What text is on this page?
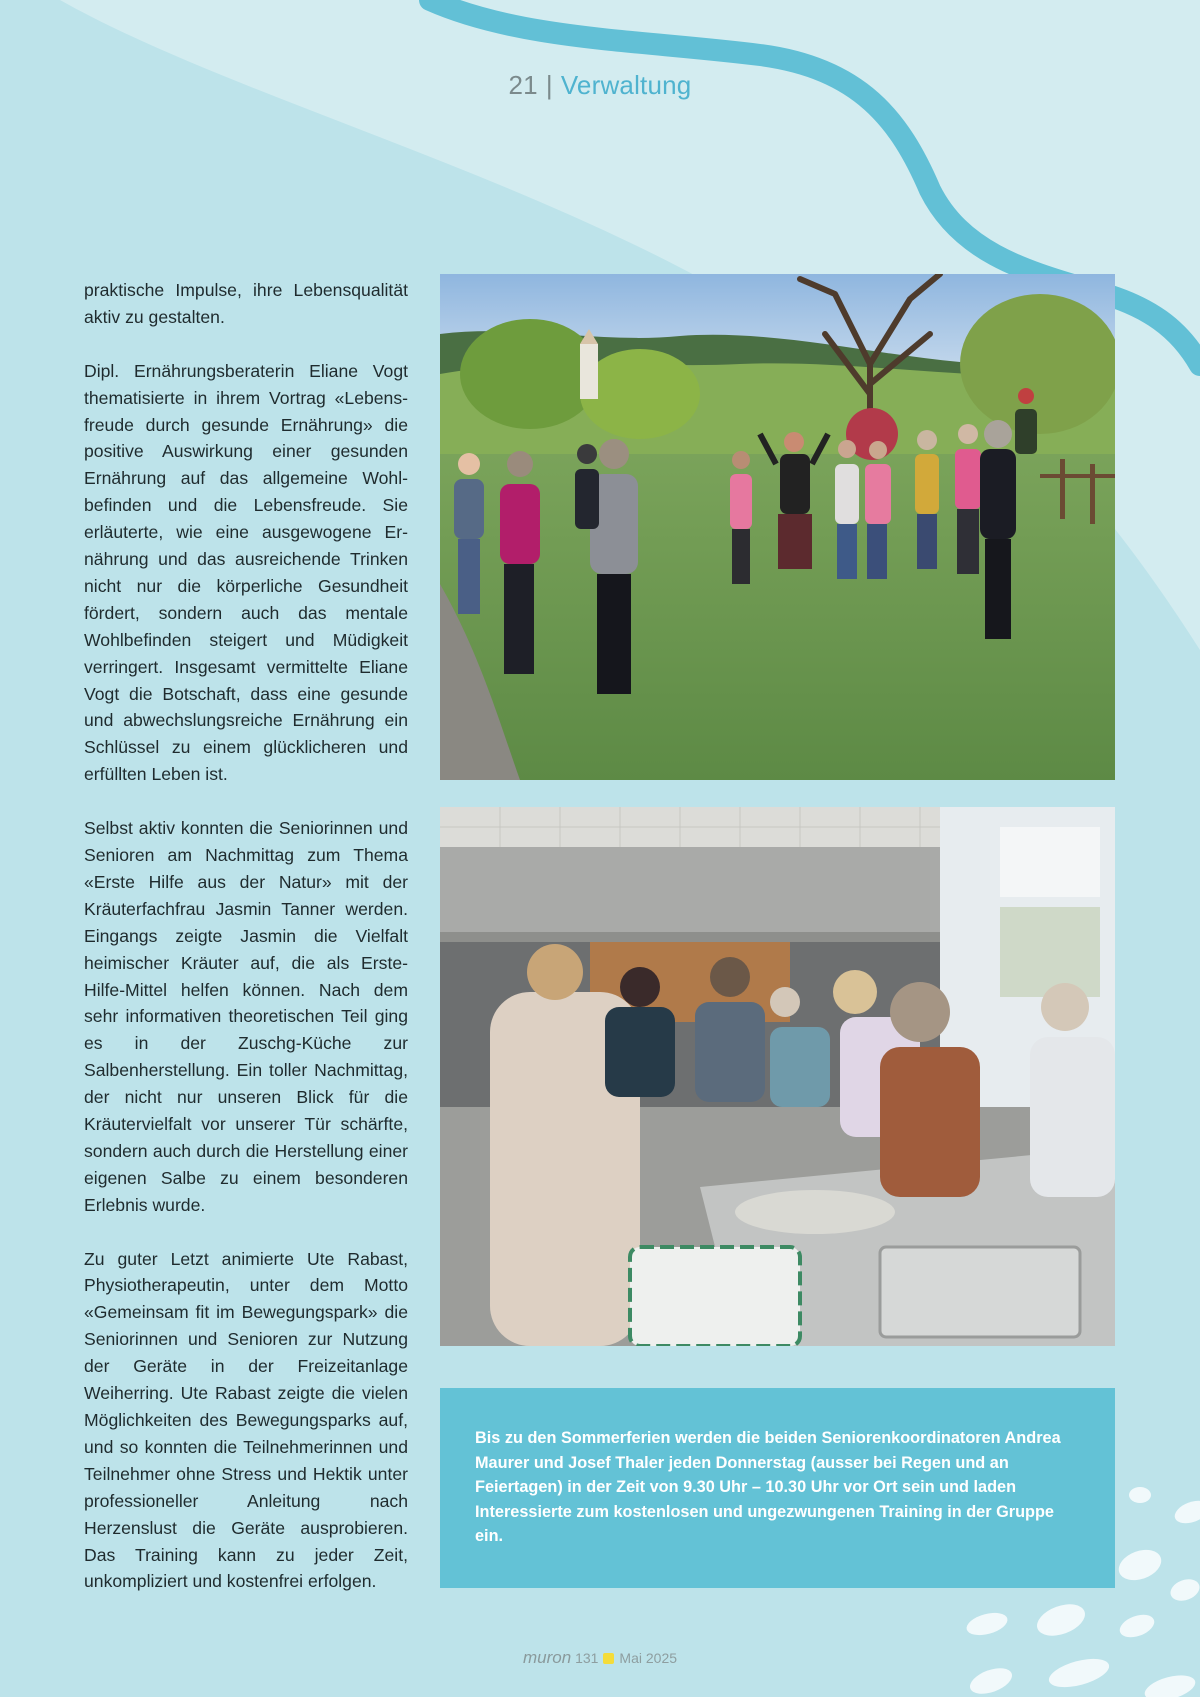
21 | Verwaltung

praktische Impulse, ihre Lebensqualität aktiv zu gestalten.

Dipl. Ernährungsberaterin Eliane Vogt thematisierte in ihrem Vortrag «Lebensfreude durch gesunde Ernährung» die positive Auswirkung einer gesunden Ernährung auf das allgemeine Wohlbefinden und die Lebensfreude. Sie erläuterte, wie eine ausgewogene Ernährung und das ausreichende Trinken nicht nur die körperliche Gesundheit fördert, sondern auch das mentale Wohlbefinden steigert und Müdigkeit verringert. Insgesamt vermittelte Eliane Vogt die Botschaft, dass eine gesunde und abwechslungsreiche Ernährung ein Schlüssel zu einem glücklicheren und erfüllten Leben ist.

Selbst aktiv konnten die Seniorinnen und Senioren am Nachmittag zum Thema «Erste Hilfe aus der Natur» mit der Kräuterfachfrau Jasmin Tanner werden. Eingangs zeigte Jasmin die Vielfalt heimischer Kräuter auf, die als Erste-Hilfe-Mittel helfen können. Nach dem sehr informativen theoretischen Teil ging es in der Zuschg-Küche zur Salbenherstellung. Ein toller Nachmittag, der nicht nur unseren Blick für die Kräutervielfalt vor unserer Tür schärfte, sondern auch durch die Herstellung einer eigenen Salbe zu einem besonderen Erlebnis wurde.

Zu guter Letzt animierte Ute Rabast, Physiotherapeutin, unter dem Motto «Gemeinsam fit im Bewegungspark» die Seniorinnen und Senioren zur Nutzung der Geräte in der Freizeitanlage Weiherring. Ute Rabast zeigte die vielen Möglichkeiten des Bewegungsparks auf, und so konnten die Teilnehmerinnen und Teilnehmer ohne Stress und Hektik unter professioneller Anleitung nach Herzenslust die Geräte ausprobieren. Das Training kann zu jeder Zeit, unkompliziert und kostenfrei erfolgen.

Bis zu den Sommerferien werden die beiden Seniorenkoordinatoren Andrea Maurer und Josef Thaler jeden Donnerstag (ausser bei Regen und an Feiertagen) in der Zeit von 9.30 Uhr – 10.30 Uhr vor Ort sein und laden Interessierte zum kostenlosen und ungezwungenen Training in der Gruppe ein.

muron 131 Mai 2025
